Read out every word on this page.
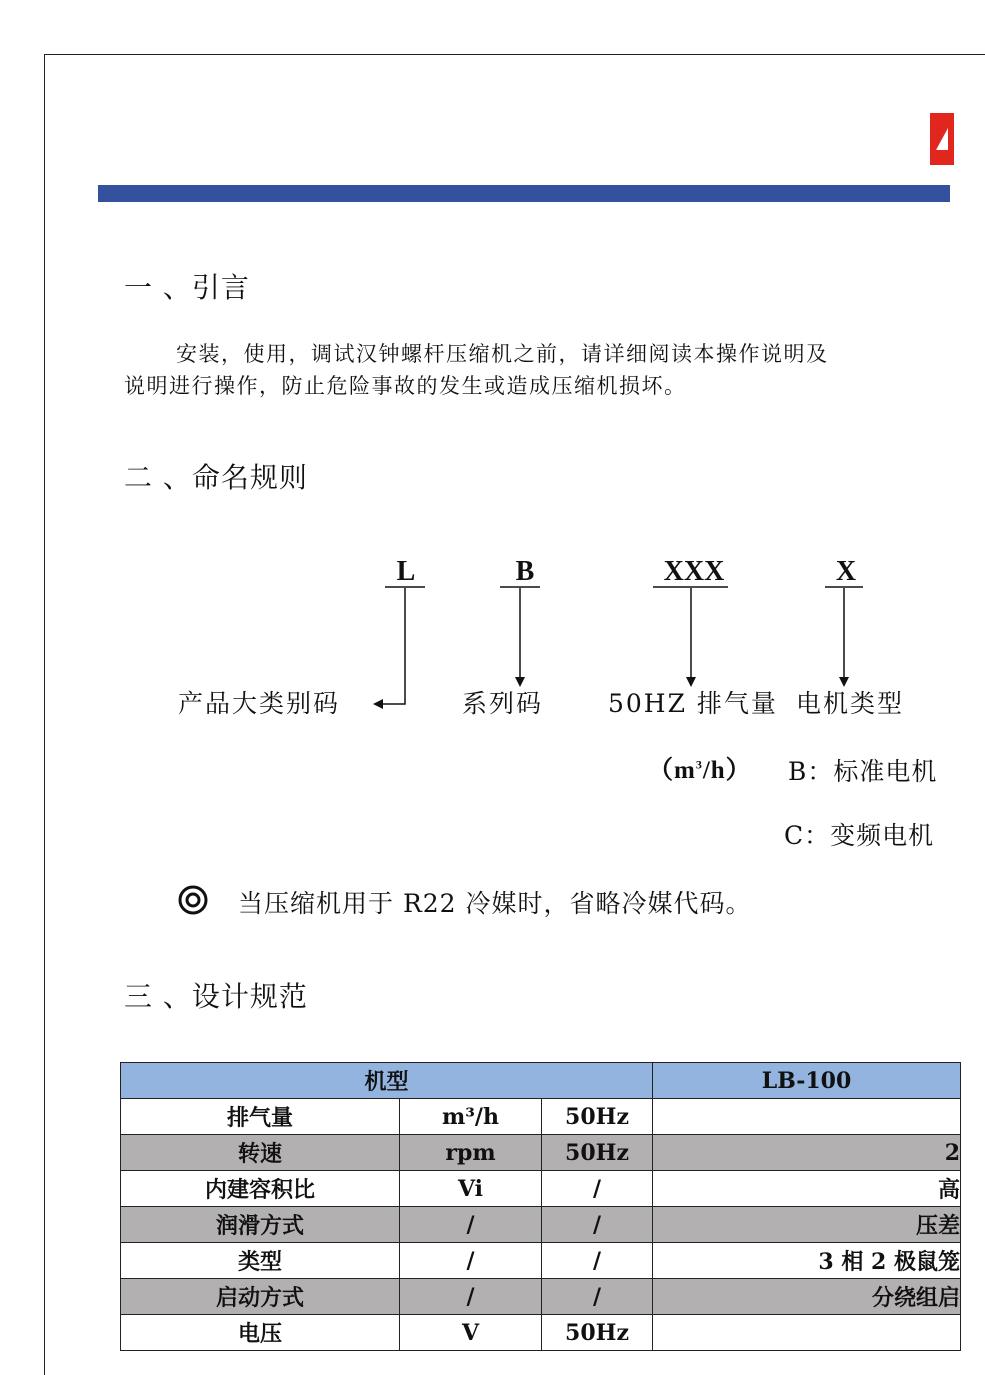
一 、引言
安装，使用，调试汉钟螺杆压缩机之前，请详细阅读本操作说明及
说明进行操作，防止危险事故的发生或造成压缩机损坏。
二 、命名规则
L	B	XXX	X
产品大类别码	系列码	50HZ 排气量 电机类型
$(m^3/h)$ B：标准电机
C：变频电机
当压缩机用于 R22 冷媒时，省略冷媒代码。
三 、设计规范
机型			LB-100
排气量	m³/h	50Hz	
转速	rpm	50Hz	2
内建容积比	Vi	/	高
润滑方式	/	/	压差
类型	/	/	3 相 2 极鼠笼
启动方式	/	/	分绕组启
电压	V	50Hz	
